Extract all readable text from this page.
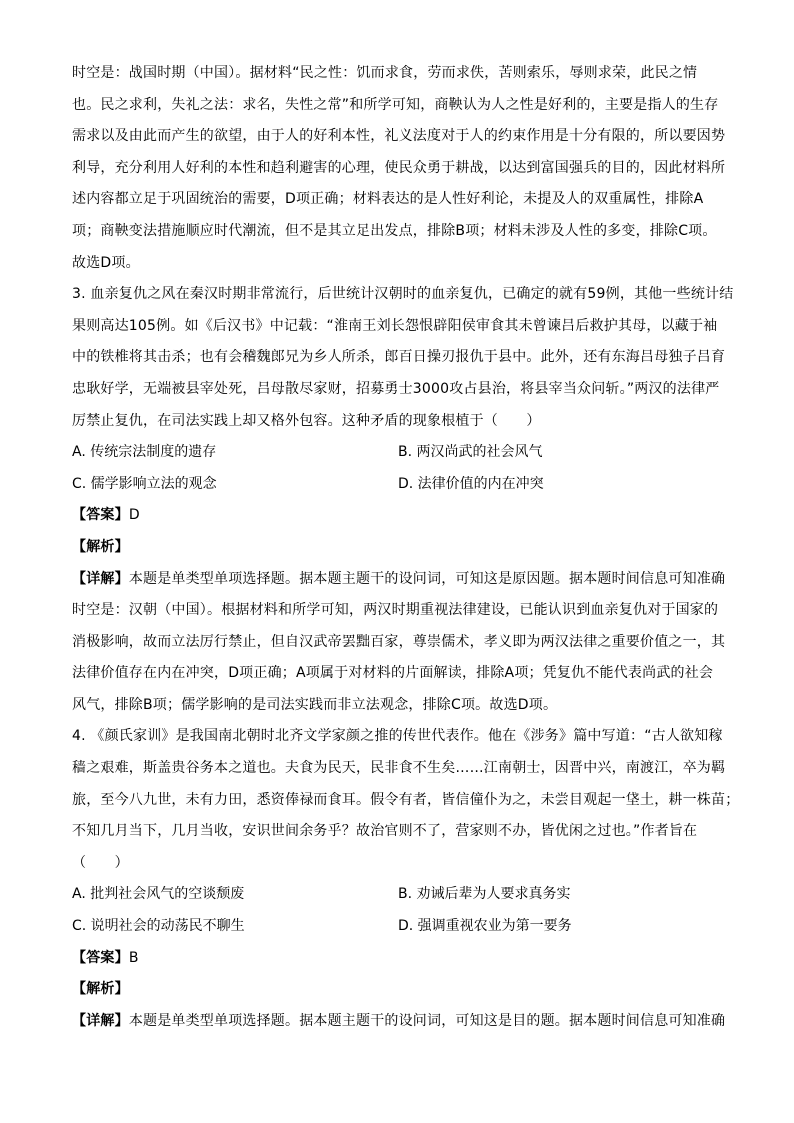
时空是：战国时期（中国）。据材料“民之性：饥而求食，劳而求佚，苦则索乐，辱则求荣，此民之情
也。民之求利，失礼之法：求名，失性之常”和所学可知，商鞅认为人之性是好利的，主要是指人的生存
需求以及由此而产生的欲望，由于人的好利本性，礼义法度对于人的约束作用是十分有限的，所以要因势
利导，充分利用人好利的本性和趋利避害的心理，使民众勇于耕战，以达到富国强兵的目的，因此材料所
述内容都立足于巩固统治的需要，D项正确；材料表达的是人性好利论，未提及人的双重属性，排除A
项；商鞅变法措施顺应时代潮流，但不是其立足出发点，排除B项；材料未涉及人性的多变，排除C项。
故选D项。
3. 血亲复仇之风在秦汉时期非常流行，后世统计汉朝时的血亲复仇，已确定的就有59例，其他一些统计结
果则高达105例。如《后汉书》中记载：“淮南王刘长怨恨辟阳侯审食其未曾谏吕后救护其母，以藏于袖
中的铁椎将其击杀；也有会稽魏郎兄为乡人所杀，郎百日操刃报仇于县中。此外，还有东海吕母独子吕育
忠耿好学，无端被县宰处死，吕母散尽家财，招募勇士3000攻占县治，将县宰当众问斩。”两汉的法律严
厉禁止复仇，在司法实践上却又格外包容。这种矛盾的现象根植于（　　）
A. 传统宗法制度的遗存	B. 两汉尚武的社会风气
C. 儒学影响立法的观念	D. 法律价值的内在冲突
【答案】D
【解析】
【详解】本题是单类型单项选择题。据本题主题干的设问词，可知这是原因题。据本题时间信息可知准确
时空是：汉朝（中国）。根据材料和所学可知，两汉时期重视法律建设，已能认识到血亲复仇对于国家的
消极影响，故而立法厉行禁止，但自汉武帝罢黜百家，尊崇儒术，孝义即为两汉法律之重要价值之一，其
法律价值存在内在冲突，D项正确；A项属于对材料的片面解读，排除A项；凭复仇不能代表尚武的社会
风气，排除B项；儒学影响的是司法实践而非立法观念，排除C项。故选D项。
4. 《颜氏家训》是我国南北朝时北齐文学家颜之推的传世代表作。他在《涉务》篇中写道：“古人欲知稼
穑之艰难，斯盖贵谷务本之道也。夫食为民天，民非食不生矣……江南朝士，因晋中兴，南渡江，卒为羁
旅，至今八九世，未有力田，悉资俸禄而食耳。假令有者，皆信僮仆为之，未尝目观起一垡土，耕一株苗；
不知几月当下，几月当收，安识世间余务乎？故治官则不了，营家则不办，皆优闲之过也。”作者旨在
（　　）
A. 批判社会风气的空谈颓废	B. 劝诫后辈为人要求真务实
C. 说明社会的动荡民不聊生	D. 强调重视农业为第一要务
【答案】B
【解析】
【详解】本题是单类型单项选择题。据本题主题干的设问词，可知这是目的题。据本题时间信息可知准确
